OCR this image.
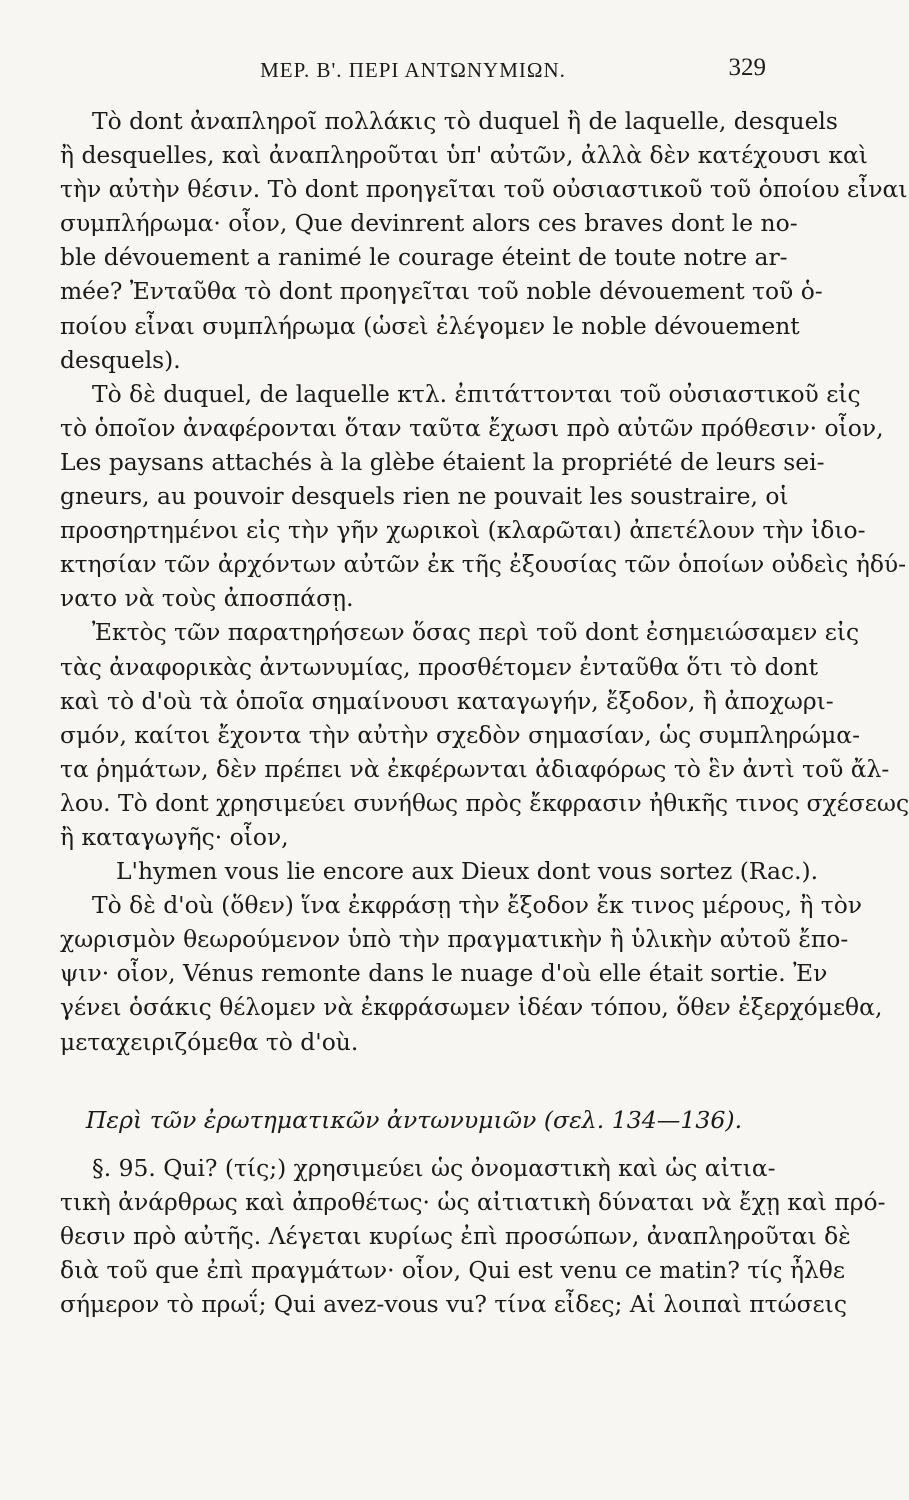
ΜΕΡ. Β'. ΠΕΡΙ ΑΝΤΩΝΥΜΙΩΝ.	329

Τὸ dont ἀναπληροῖ πολλάκις τὸ duquel ἢ de laquelle, desquels

ἢ desquelles, καὶ ἀναπληροῦται ὑπ' αὐτῶν, ἀλλὰ δὲν κατέχουσι καὶ

τὴν αὐτὴν θέσιν. Τὸ dont προηγεῖται τοῦ οὐσιαστικοῦ τοῦ ὁποίου εἶναι

συμπλήρωμα· οἷον, Que devinrent alors ces braves dont le no-

ble dévouement a ranimé le courage éteint de toute notre ar-

mée? Ἐνταῦθα τὸ dont προηγεῖται τοῦ noble dévouement τοῦ ὁ-

ποίου εἶναι συμπλήρωμα (ὡσεὶ ἐλέγομεν le noble dévouement

desquels).

Τὸ δὲ duquel, de laquelle κτλ. ἐπιτάττονται τοῦ οὐσιαστικοῦ εἰς

τὸ ὁποῖον ἀναφέρονται ὅταν ταῦτα ἔχωσι πρὸ αὐτῶν πρόθεσιν· οἷον,

Les paysans attachés à la glèbe étaient la propriété de leurs sei-

gneurs, au pouvoir desquels rien ne pouvait les soustraire, οἱ

προσηρτημένοι εἰς τὴν γῆν χωρικοὶ (κλαρῶται) ἀπετέλουν τὴν ἰδιο-

κτησίαν τῶν ἀρχόντων αὐτῶν ἐκ τῆς ἐξουσίας τῶν ὁποίων οὐδεὶς ἠδύ-

νατο νὰ τοὺς ἀποσπάσῃ.

Ἐκτὸς τῶν παρατηρήσεων ὅσας περὶ τοῦ dont ἐσημειώσαμεν εἰς

τὰς ἀναφορικὰς ἀντωνυμίας, προσθέτομεν ἐνταῦθα ὅτι τὸ dont

καὶ τὸ d'où τὰ ὁποῖα σημαίνουσι καταγωγήν, ἔξοδον, ἢ ἀποχωρι-

σμόν, καίτοι ἔχοντα τὴν αὐτὴν σχεδὸν σημασίαν, ὡς συμπληρώμα-

τα ῥημάτων, δὲν πρέπει νὰ ἐκφέρωνται ἀδιαφόρως τὸ ἓν ἀντὶ τοῦ ἄλ-

λου. Τὸ dont χρησιμεύει συνήθως πρὸς ἔκφρασιν ἠθικῆς τινος σχέσεως

ἢ καταγωγῆς· οἷον,

L'hymen vous lie encore aux Dieux dont vous sortez (Rac.).

Τὸ δὲ d'où (ὅθεν) ἵνα ἐκφράσῃ τὴν ἔξοδον ἔκ τινος μέρους, ἢ τὸν

χωρισμὸν θεωρούμενον ὑπὸ τὴν πραγματικὴν ἢ ὑλικὴν αὐτοῦ ἔπο-

ψιν· οἷον, Vénus remonte dans le nuage d'où elle était sortie. Ἐν

γένει ὁσάκις θέλομεν νὰ ἐκφράσωμεν ἰδέαν τόπου, ὅθεν ἐξερχόμεθα,

μεταχειριζόμεθα τὸ d'où.

Περὶ τῶν ἐρωτηματικῶν ἀντωνυμιῶν (σελ. 134—136).

§. 95. Qui? (τίς;) χρησιμεύει ὡς ὀνομαστικὴ καὶ ὡς αἰτια-

τικὴ ἀνάρθρως καὶ ἀπροθέτως· ὡς αἰτιατικὴ δύναται νὰ ἔχῃ καὶ πρό-

θεσιν πρὸ αὐτῆς. Λέγεται κυρίως ἐπὶ προσώπων, ἀναπληροῦται δὲ

διὰ τοῦ que ἐπὶ πραγμάτων· οἷον, Qui est venu ce matin? τίς ἦλθε

σήμερον τὸ πρωΐ; Qui avez-vous vu? τίνα εἶδες; Αἱ λοιπαὶ πτώσεις
